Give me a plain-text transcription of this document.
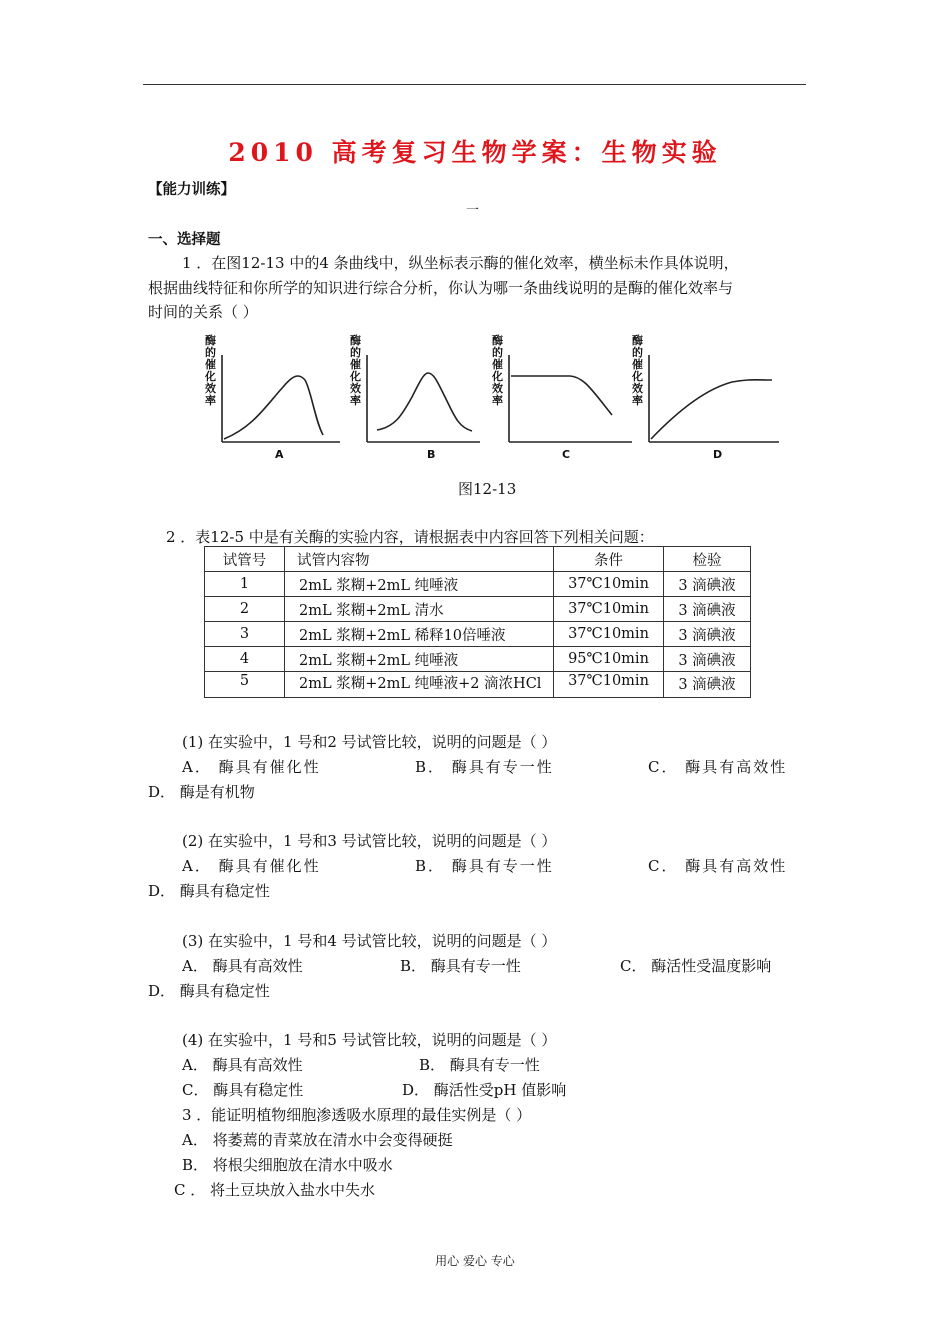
2010 高考复习生物学案：生物实验
【能力训练】
一
一、选择题
1 ．在图12-13 中的4 条曲线中，纵坐标表示酶的催化效率，横坐标未作具体说明，
根据曲线特征和你所学的知识进行综合分析，你认为哪一条曲线说明的是酶的催化效率与
时间的关系（ ）
酶的催化效率
A
酶的催化效率
B
酶的催化效率
C
酶的催化效率
D
图12-13
2 ．表12-5 中是有关酶的实验内容，请根据表中内容回答下列相关问题：
试管号	试管内容物	条件	检验
1	2mL 浆糊+2mL 纯唾液	37℃10min	3 滴碘液
2	2mL 浆糊+2mL 清水	37℃10min	3 滴碘液
3	2mL 浆糊+2mL 稀释10倍唾液	37℃10min	3 滴碘液
4	2mL 浆糊+2mL 纯唾液	95℃10min	3 滴碘液
5	2mL 浆糊+2mL 纯唾液+2 滴浓HCl	37℃10min	3 滴碘液
(1) 在实验中，1 号和2 号试管比较，说明的问题是（ ）
A． 酶具有催化性	B． 酶具有专一性	C． 酶具有高效性
D． 酶是有机物
(2) 在实验中，1 号和3 号试管比较，说明的问题是（ ）
A． 酶具有催化性	B． 酶具有专一性	C． 酶具有高效性
D． 酶具有稳定性
(3) 在实验中，1 号和4 号试管比较，说明的问题是（ ）
A． 酶具有高效性	B． 酶具有专一性	C． 酶活性受温度影响
D． 酶具有稳定性
(4) 在实验中，1 号和5 号试管比较，说明的问题是（ ）
A． 酶具有高效性	B． 酶具有专一性
C． 酶具有稳定性	D． 酶活性受pH 值影响
3 ．能证明植物细胞渗透吸水原理的最佳实例是（ ）
A． 将萎蔫的青菜放在清水中会变得硬挺
B． 将根尖细胞放在清水中吸水
C ． 将土豆块放入盐水中失水
用心 爱心 专心
